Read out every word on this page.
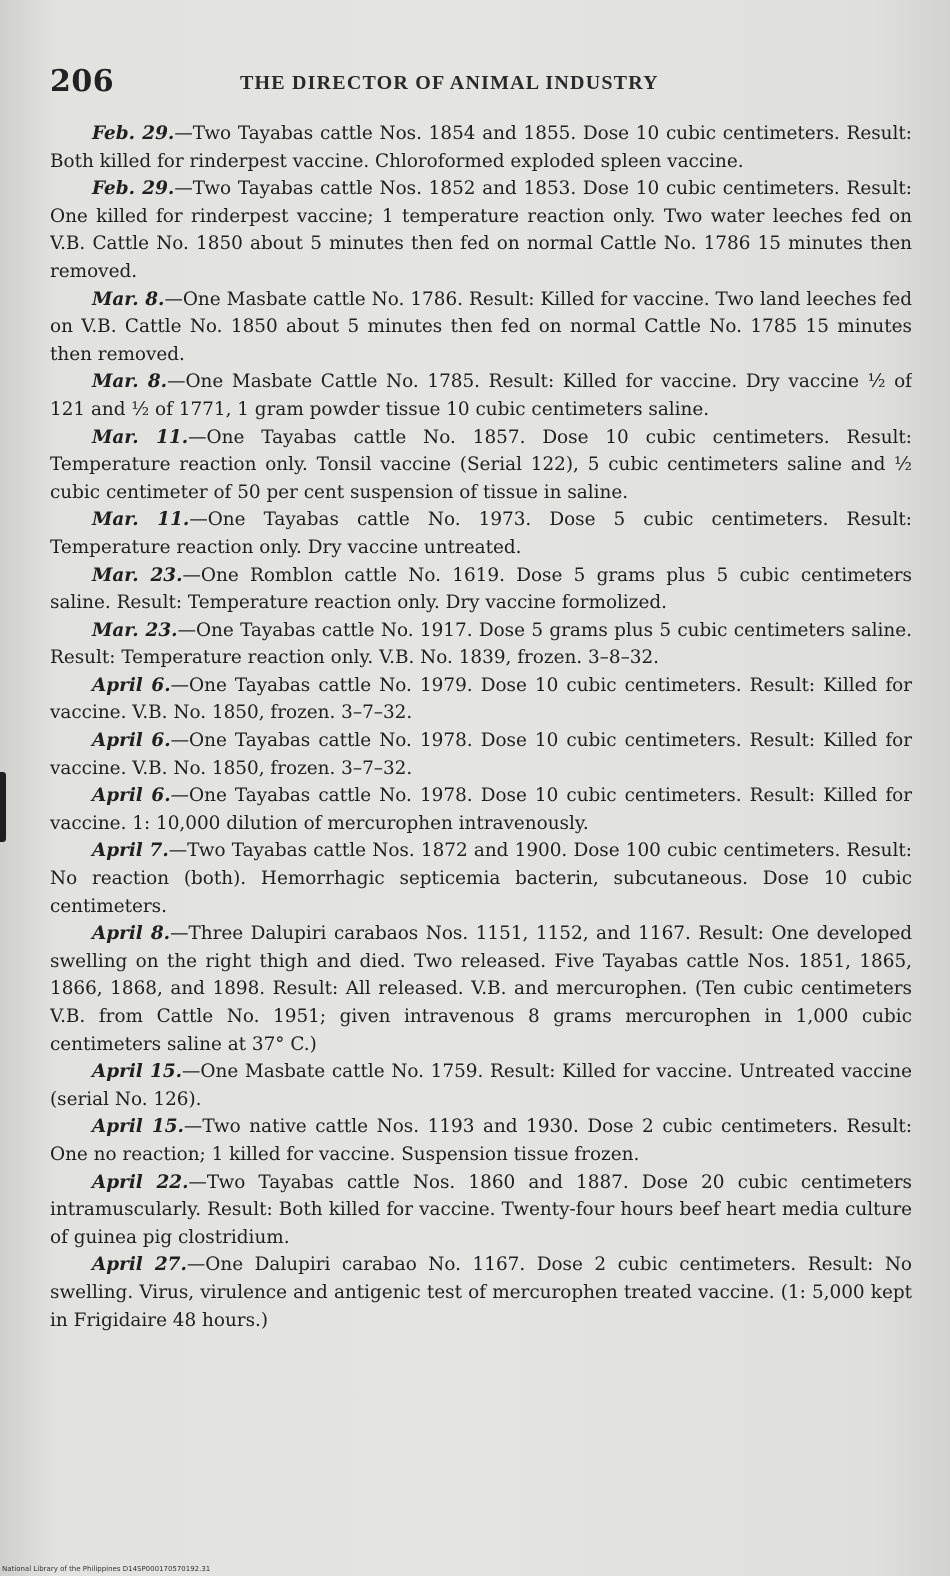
206	THE DIRECTOR OF ANIMAL INDUSTRY

Feb. 29.—Two Tayabas cattle Nos. 1854 and 1855. Dose 10 cubic centimeters. Result: Both killed for rinderpest vaccine. Chloroformed exploded spleen vaccine.

Feb. 29.—Two Tayabas cattle Nos. 1852 and 1853. Dose 10 cubic centimeters. Result: One killed for rinderpest vaccine; 1 temperature reaction only. Two water leeches fed on V.B. Cattle No. 1850 about 5 minutes then fed on normal Cattle No. 1786 15 minutes then removed.

Mar. 8.—One Masbate cattle No. 1786. Result: Killed for vaccine. Two land leeches fed on V.B. Cattle No. 1850 about 5 minutes then fed on normal Cattle No. 1785 15 minutes then removed.

Mar. 8.—One Masbate Cattle No. 1785. Result: Killed for vaccine. Dry vaccine ½ of 121 and ½ of 1771, 1 gram powder tissue 10 cubic centimeters saline.

Mar. 11.—One Tayabas cattle No. 1857. Dose 10 cubic centimeters. Result: Temperature reaction only. Tonsil vaccine (Serial 122), 5 cubic centimeters saline and ½ cubic centimeter of 50 per cent suspension of tissue in saline.

Mar. 11.—One Tayabas cattle No. 1973. Dose 5 cubic centimeters. Result: Temperature reaction only. Dry vaccine untreated.

Mar. 23.—One Romblon cattle No. 1619. Dose 5 grams plus 5 cubic centimeters saline. Result: Temperature reaction only. Dry vaccine formolized.

Mar. 23.—One Tayabas cattle No. 1917. Dose 5 grams plus 5 cubic centimeters saline. Result: Temperature reaction only. V.B. No. 1839, frozen. 3–8–32.

April 6.—One Tayabas cattle No. 1979. Dose 10 cubic centimeters. Result: Killed for vaccine. V.B. No. 1850, frozen. 3–7–32.

April 6.—One Tayabas cattle No. 1978. Dose 10 cubic centimeters. Result: Killed for vaccine. V.B. No. 1850, frozen. 3–7–32.

April 6.—One Tayabas cattle No. 1978. Dose 10 cubic centimeters. Result: Killed for vaccine. 1: 10,000 dilution of mercurophen intravenously.

April 7.—Two Tayabas cattle Nos. 1872 and 1900. Dose 100 cubic centimeters. Result: No reaction (both). Hemorrhagic septicemia bacterin, subcutaneous. Dose 10 cubic centimeters.

April 8.—Three Dalupiri carabaos Nos. 1151, 1152, and 1167. Result: One developed swelling on the right thigh and died. Two released. Five Tayabas cattle Nos. 1851, 1865, 1866, 1868, and 1898. Result: All released. V.B. and mercurophen. (Ten cubic centimeters V.B. from Cattle No. 1951; given intravenous 8 grams mercurophen in 1,000 cubic centimeters saline at 37° C.)

April 15.—One Masbate cattle No. 1759. Result: Killed for vaccine. Untreated vaccine (serial No. 126).

April 15.—Two native cattle Nos. 1193 and 1930. Dose 2 cubic centimeters. Result: One no reaction; 1 killed for vaccine. Suspension tissue frozen.

April 22.—Two Tayabas cattle Nos. 1860 and 1887. Dose 20 cubic centimeters intramuscularly. Result: Both killed for vaccine. Twenty-four hours beef heart media culture of guinea pig clostridium.

April 27.—One Dalupiri carabao No. 1167. Dose 2 cubic centimeters. Result: No swelling. Virus, virulence and antigenic test of mercurophen treated vaccine. (1: 5,000 kept in Frigidaire 48 hours.)

National Library of the Philippines D14SP000170570192.31
